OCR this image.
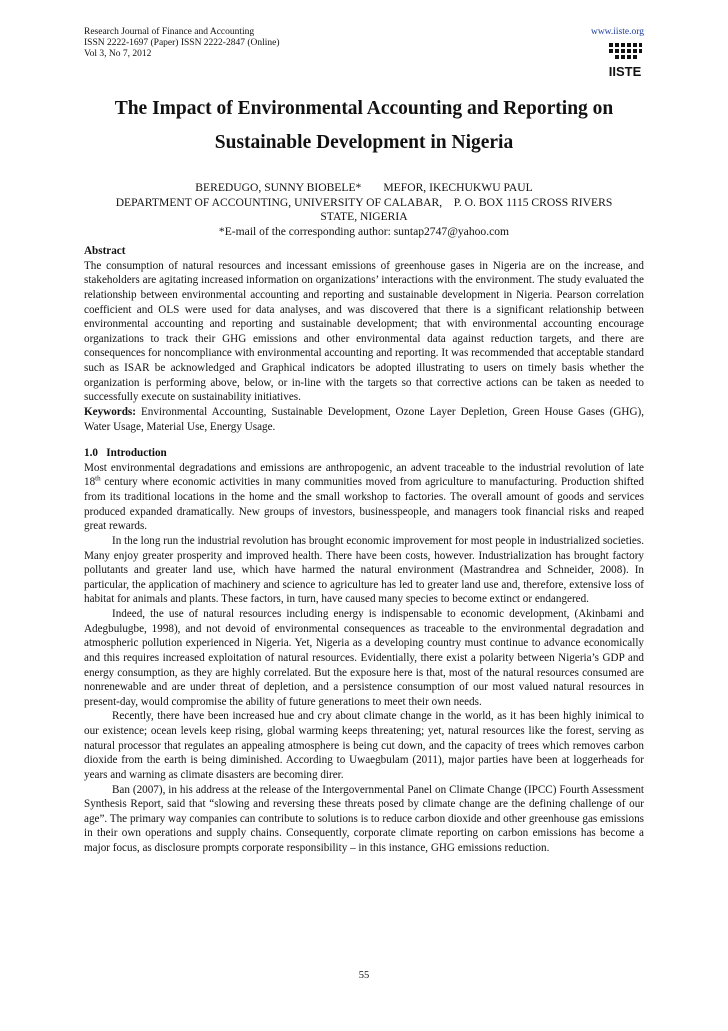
Research Journal of Finance and Accounting
ISSN 2222-1697 (Paper) ISSN 2222-2847 (Online)
Vol 3, No 7, 2012
www.iiste.org
IISTE
The Impact of Environmental Accounting and Reporting on
Sustainable Development in Nigeria
BEREDUGO, SUNNY BIOBELE* MEFOR, IKECHUKWU PAUL
DEPARTMENT OF ACCOUNTING, UNIVERSITY OF CALABAR,    P. O. BOX 1115 CROSS RIVERS
STATE, NIGERIA
*E-mail of the corresponding author: suntap2747@yahoo.com

Abstract

The consumption of natural resources and incessant emissions of greenhouse gases in Nigeria are on the increase, and stakeholders are agitating increased information on organizations’ interactions with the environment. The study evaluated the relationship between environmental accounting and reporting and sustainable development in Nigeria. Pearson correlation coefficient and OLS were used for data analyses, and was discovered that there is a significant relationship between environmental accounting and reporting and sustainable development; that with environmental accounting encourage organizations to track their GHG emissions and other environmental data against reduction targets, and there are consequences for noncompliance with environmental accounting and reporting. It was recommended that acceptable standard such as ISAR be acknowledged and Graphical indicators be adopted illustrating to users on timely basis whether the organization is performing above, below, or in-line with the targets so that corrective actions can be taken as needed to successfully execute on sustainability initiatives.

Keywords: Environmental Accounting, Sustainable Development, Ozone Layer Depletion, Green House Gases (GHG), Water Usage, Material Use, Energy Usage.

1.0   Introduction

Most environmental degradations and emissions are anthropogenic, an advent traceable to the industrial revolution of late 18th century where economic activities in many communities moved from agriculture to manufacturing. Production shifted from its traditional locations in the home and the small workshop to factories. The overall amount of goods and services produced expanded dramatically. New groups of investors, businesspeople, and managers took financial risks and reaped great rewards.

In the long run the industrial revolution has brought economic improvement for most people in industrialized societies. Many enjoy greater prosperity and improved health. There have been costs, however. Industrialization has brought factory pollutants and greater land use, which have harmed the natural environment (Mastrandrea and Schneider, 2008). In particular, the application of machinery and science to agriculture has led to greater land use and, therefore, extensive loss of habitat for animals and plants. These factors, in turn, have caused many species to become extinct or endangered.

Indeed, the use of natural resources including energy is indispensable to economic development, (Akinbami and Adegbulugbe, 1998), and not devoid of environmental consequences as traceable to the environmental degradation and atmospheric pollution experienced in Nigeria. Yet, Nigeria as a developing country must continue to advance economically and this requires increased exploitation of natural resources. Evidentially, there exist a polarity between Nigeria’s GDP and energy consumption, as they are highly correlated. But the exposure here is that, most of the natural resources consumed are nonrenewable and are under threat of depletion, and a persistence consumption of our most valued natural resources in present-day, would compromise the ability of future generations to meet their own needs.

Recently, there have been increased hue and cry about climate change in the world, as it has been highly inimical to our existence; ocean levels keep rising, global warming keeps threatening; yet, natural resources like the forest, serving as natural processor that regulates an appealing atmosphere is being cut down, and the capacity of trees which removes carbon dioxide from the earth is being diminished. According to Uwaegbulam (2011), major parties have been at loggerheads for years and warning as climate disasters are becoming direr.

Ban (2007), in his address at the release of the Intergovernmental Panel on Climate Change (IPCC) Fourth Assessment Synthesis Report, said that “slowing and reversing these threats posed by climate change are the defining challenge of our age”. The primary way companies can contribute to solutions is to reduce carbon dioxide and other greenhouse gas emissions in their own operations and supply chains. Consequently, corporate climate reporting on carbon emissions has become a major focus, as disclosure prompts corporate responsibility – in this instance, GHG emissions reduction.

55
